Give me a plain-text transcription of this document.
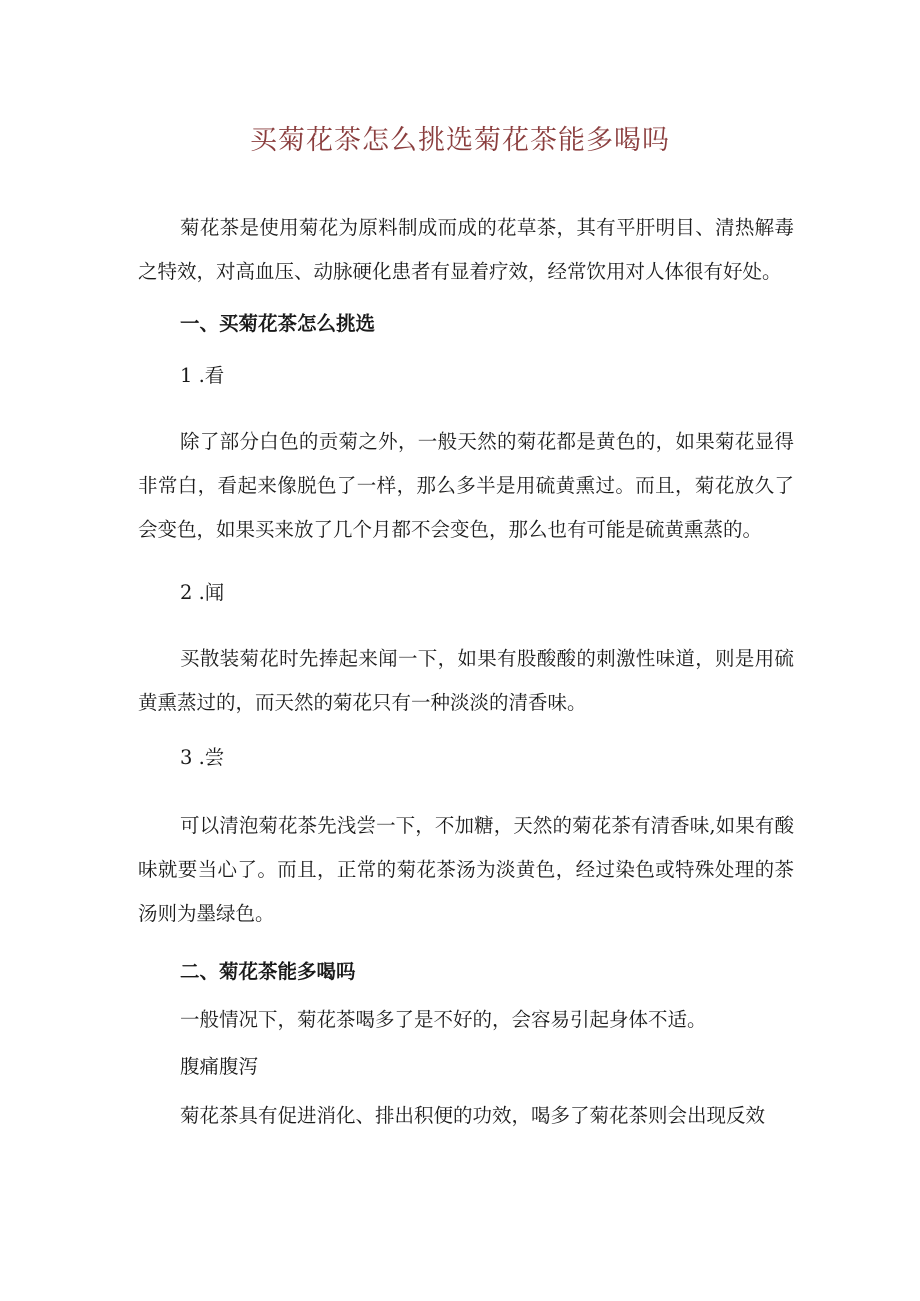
买菊花茶怎么挑选菊花茶能多喝吗
菊花茶是使用菊花为原料制成而成的花草茶，其有平肝明目、清热解毒之特效，对高血压、动脉硬化患者有显着疗效，经常饮用对人体很有好处。
一、买菊花茶怎么挑选
1 .看
除了部分白色的贡菊之外，一般天然的菊花都是黄色的，如果菊花显得非常白，看起来像脱色了一样，那么多半是用硫黄熏过。而且，菊花放久了会变色，如果买来放了几个月都不会变色，那么也有可能是硫黄熏蒸的。
2 .闻
买散装菊花时先捧起来闻一下，如果有股酸酸的刺激性味道，则是用硫黄熏蒸过的，而天然的菊花只有一种淡淡的清香味。
3 .尝
可以清泡菊花茶先浅尝一下，不加糖，天然的菊花茶有清香味,如果有酸味就要当心了。而且，正常的菊花茶汤为淡黄色，经过染色或特殊处理的茶汤则为墨绿色。
二、菊花茶能多喝吗
一般情况下，菊花茶喝多了是不好的，会容易引起身体不适。
腹痛腹泻
菊花茶具有促进消化、排出积便的功效，喝多了菊花茶则会出现反效
